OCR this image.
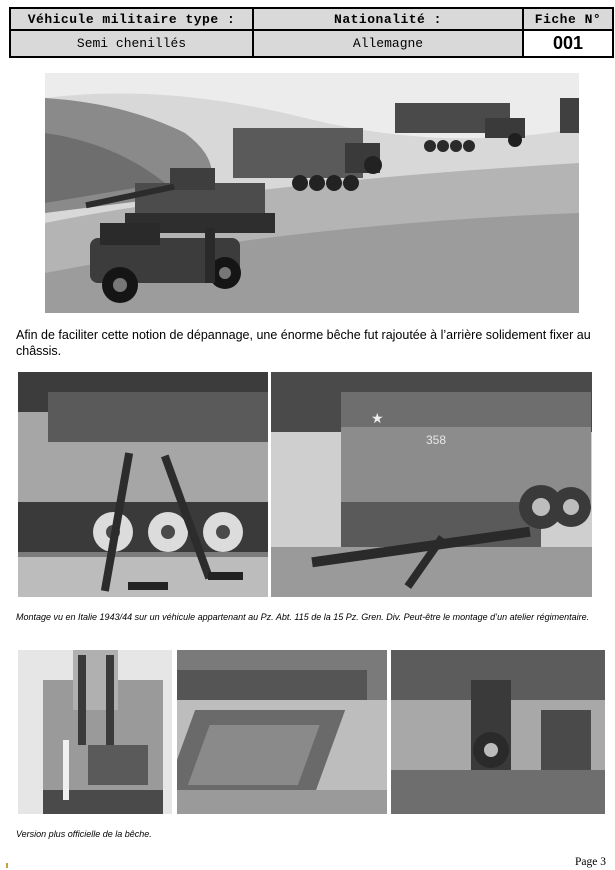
Véhicule militaire type :	Nationalité :	Fiche N°
Semi chenillés	Allemagne	001
Afin de faciliter cette notion de dépannage, une énorme bêche fut rajoutée à l’arrière solidement fixer au châssis.
★
358
Montage vu en Italie 1943/44 sur un véhicule appartenant au Pz. Abt. 115 de la 15 Pz. Gren. Div. Peut-être le montage d’un atelier régimentaire.
Version plus officielle de la bêche.
Page 3
